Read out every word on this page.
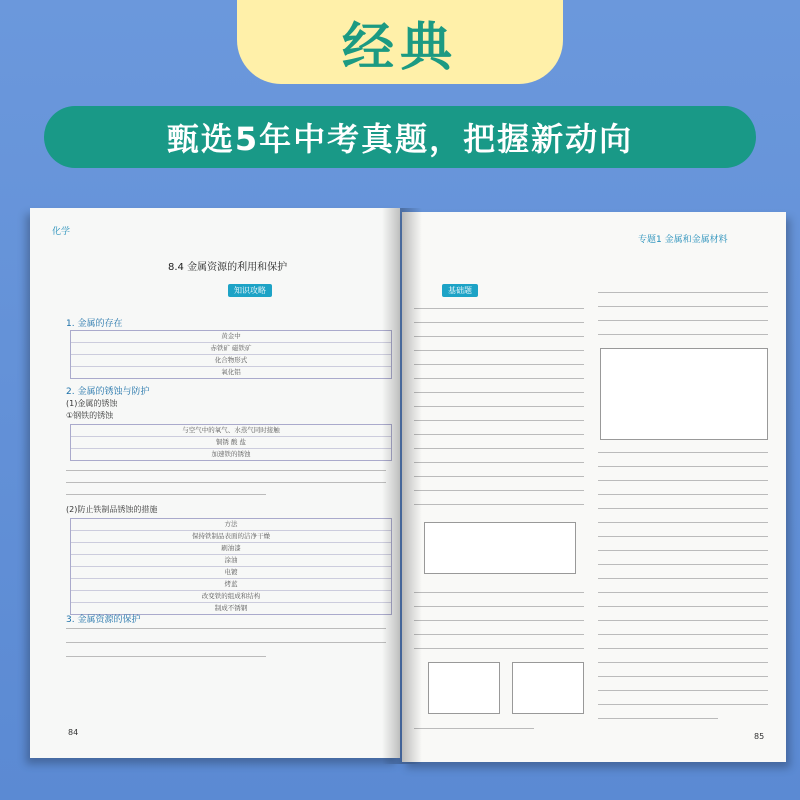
经典
甄选5年中考真题，把握新动向
化学
8.4 金属资源的利用和保护
知识攻略
1. 金属的存在
黄金中
赤铁矿 磁铁矿
化合物形式
氧化铝
2. 金属的锈蚀与防护
(1)金属的锈蚀
①钢铁的锈蚀
与空气中的氧气、水蒸气同时接触
铜锈 酸 盐
加速铁的锈蚀
(2)防止铁制品锈蚀的措施
方法
保持铁制品表面的洁净干燥
刷油漆
涂油
电镀
烤蓝
改变铁的组成和结构
制成不锈钢
3. 金属资源的保护
84
专题1 金属和金属材料
基础题
85
